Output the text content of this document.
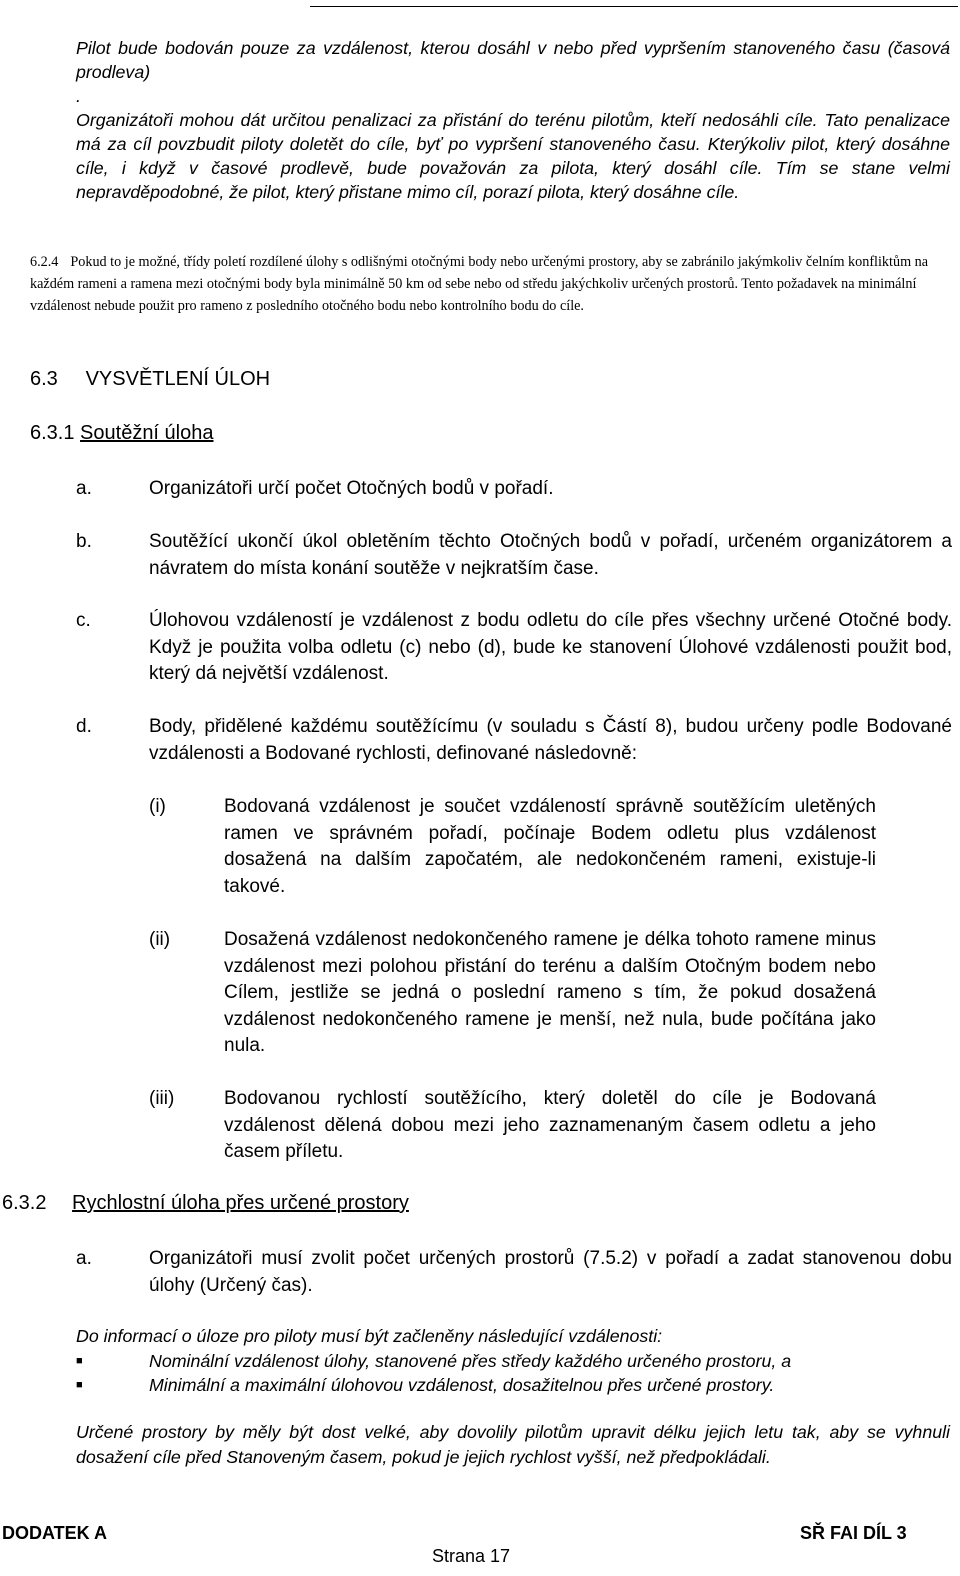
Pilot bude bodován pouze za vzdálenost, kterou dosáhl v nebo před vypršením stanoveného času (časová prodleva)

.

Organizátoři mohou dát určitou penalizaci za přistání do terénu pilotům, kteří nedosáhli cíle. Tato penalizace má za cíl povzbudit piloty doletět do cíle, byť po vypršení stanoveného času. Kterýkoliv pilot, který dosáhne cíle, i když v časové prodlevě, bude považován za pilota, který dosáhl cíle. Tím se stane velmi nepravděpodobné, že pilot, který přistane mimo cíl, porazí pilota, který dosáhne cíle.

6.2.4 Pokud to je možné, třídy poletí rozdílené úlohy s odlišnými otočnými body nebo určenými prostory, aby se zabránilo jakýmkoliv čelním konfliktům na každém rameni a ramena mezi otočnými body byla minimálně 50 km od sebe nebo od středu jakýchkoliv určených prostorů. Tento požadavek na minimální vzdálenost nebude použit pro rameno z posledního otočného bodu nebo kontrolního bodu do cíle.
6.3     VYSVĚTLENÍ ÚLOH
6.3.1 Soutěžní úloha
a.	Organizátoři určí počet Otočných bodů v pořadí.
b.	Soutěžící ukončí úkol obletěním těchto Otočných bodů v pořadí, určeném organizátorem a návratem do místa konání soutěže v nejkratším čase.
c.	Úlohovou vzdáleností je vzdálenost z bodu odletu do cíle přes všechny určené Otočné body. Když je použita volba odletu (c) nebo (d), bude ke stanovení Úlohové vzdálenosti použit bod, který dá největší vzdálenost.
d.	Body, přidělené každému soutěžícímu (v souladu s Částí 8), budou určeny podle Bodované vzdálenosti a Bodované rychlosti, definované následovně:
(i)	Bodovaná vzdálenost je součet vzdáleností správně soutěžícím uletěných ramen ve správném pořadí, počínaje Bodem odletu plus vzdálenost dosažená na dalším započatém, ale nedokončeném rameni, existuje-li takové.
(ii)	Dosažená vzdálenost nedokončeného ramene je délka tohoto ramene minus vzdálenost mezi polohou přistání do terénu a dalším Otočným bodem nebo Cílem, jestliže se jedná o poslední rameno s tím, že pokud dosažená vzdálenost nedokončeného ramene je menší, než nula, bude počítána jako nula.
(iii)	Bodovanou rychlostí soutěžícího, který doletěl do cíle je Bodovaná vzdálenost dělená dobou mezi jeho zaznamenaným časem odletu a jeho časem příletu.
6.3.2 Rychlostní úloha přes určené prostory
a.	Organizátoři musí zvolit počet určených prostorů (7.5.2) v pořadí a zadat stanovenou dobu úlohy (Určený čas).
Do informací o úloze pro piloty musí být začleněny následující vzdálenosti:
■	Nominální vzdálenost úlohy, stanovené přes středy každého určeného prostoru, a
■	Minimální a maximální úlohovou vzdálenost, dosažitelnou přes určené prostory.
Určené prostory by měly být dost velké, aby dovolily pilotům upravit délku jejich letu tak, aby se vyhnuli dosažení cíle před Stanoveným časem, pokud je jejich rychlost vyšší, než předpokládali.
DODATEK A	SŘ FAI DÍL 3
Strana 17
